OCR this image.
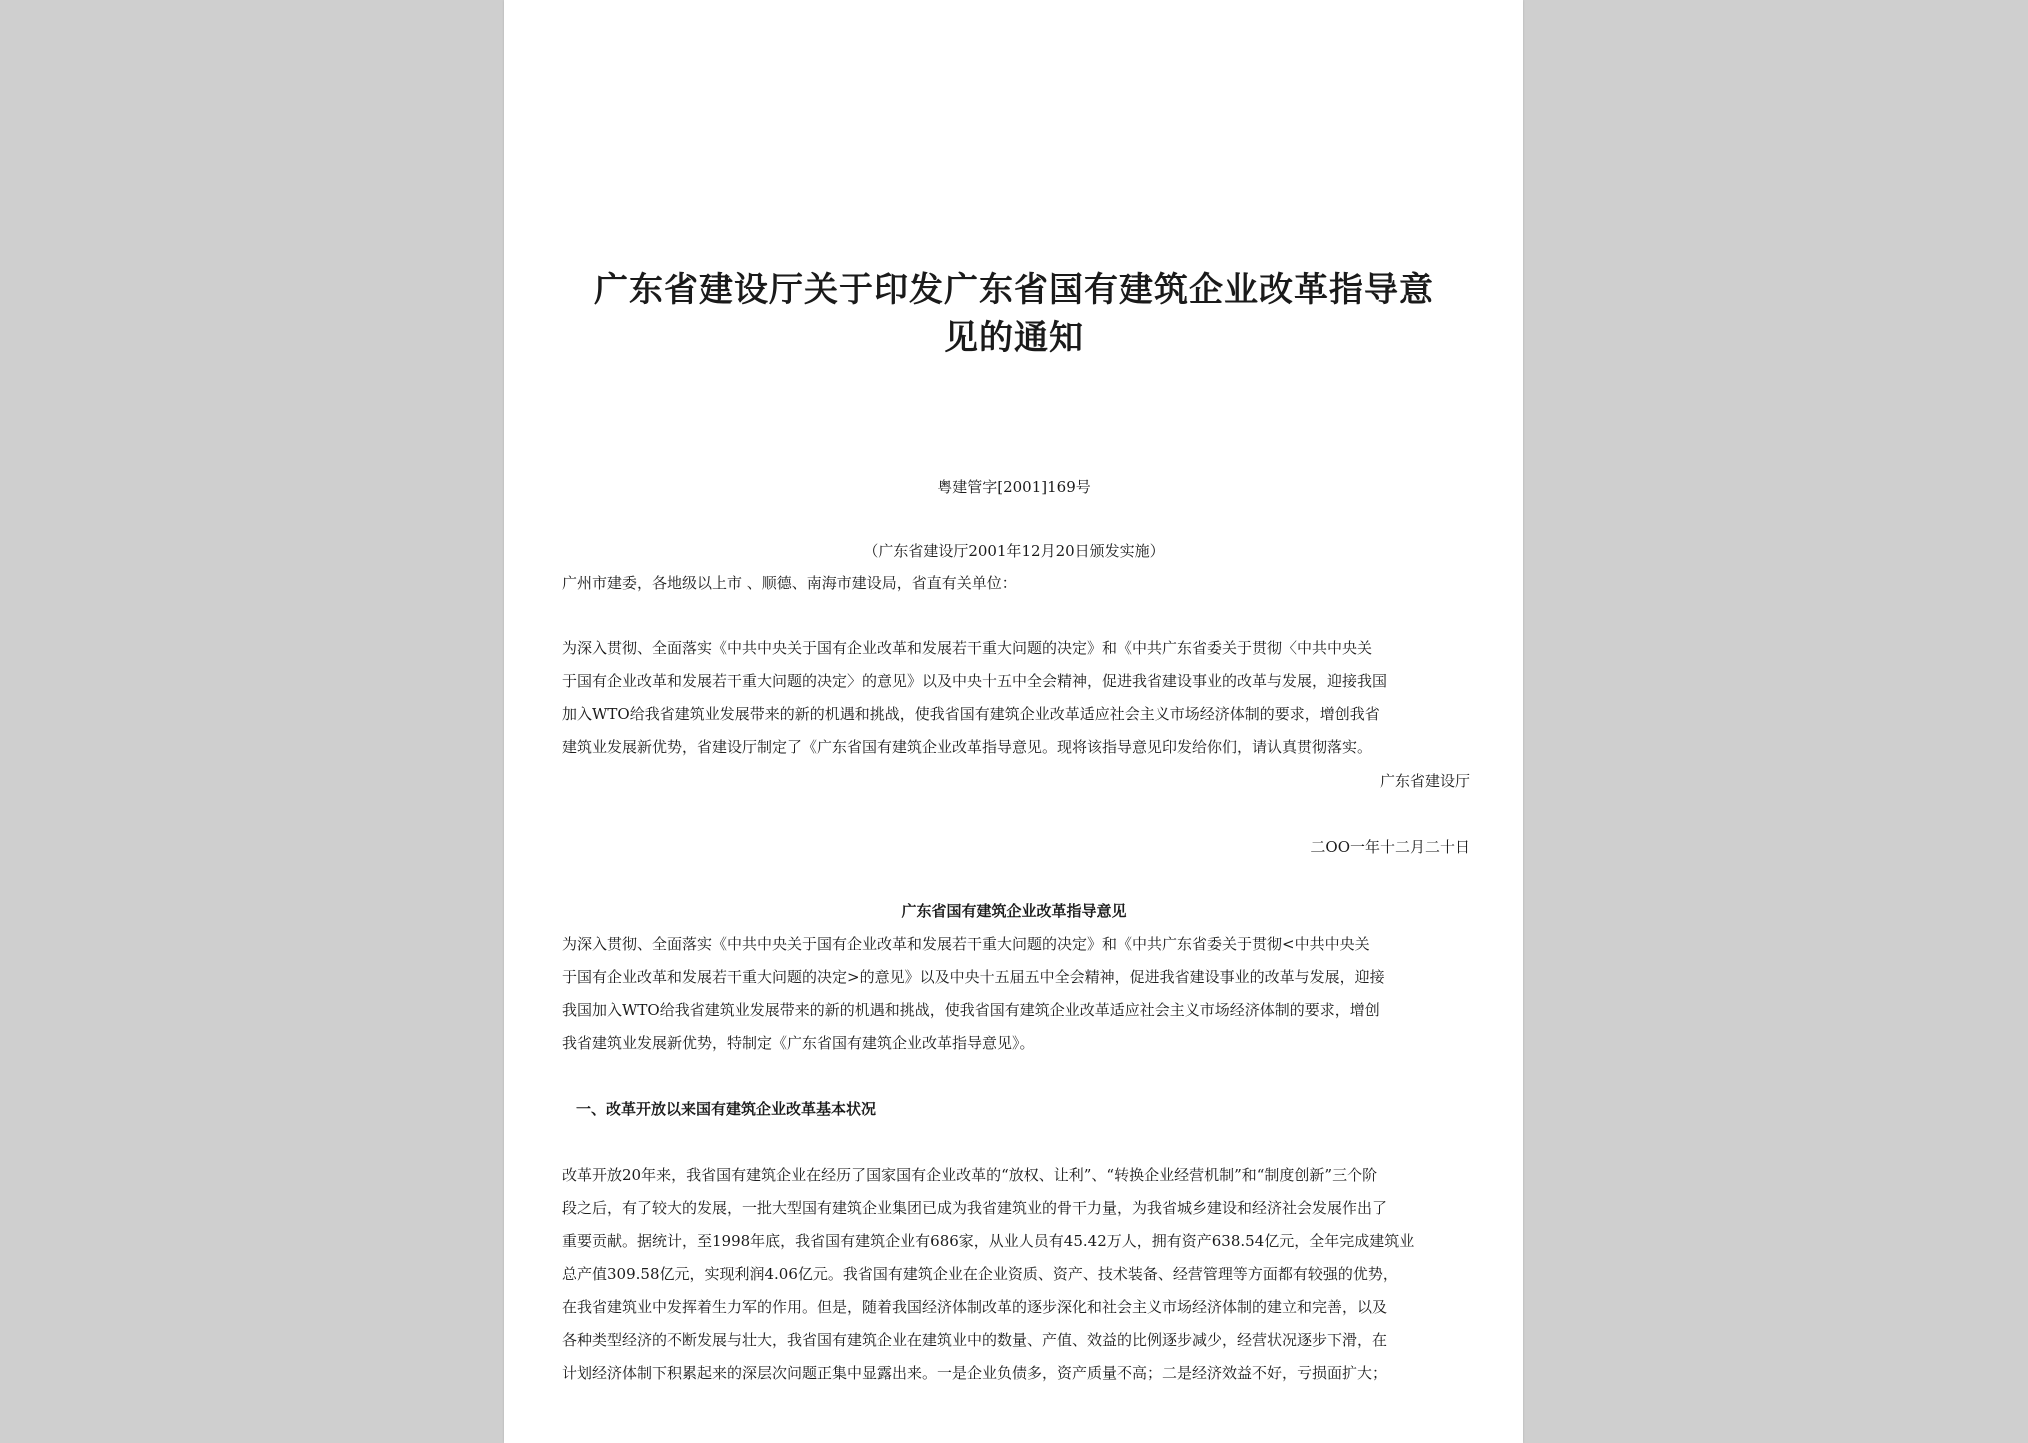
广东省建设厅关于印发广东省国有建筑企业改革指导意

见的通知

粤建管字[2001]169号

（广东省建设厅2001年12月20日颁发实施）

广州市建委，各地级以上市 、顺德、南海市建设局，省直有关单位：

为深入贯彻、全面落实《中共中央关于国有企业改革和发展若干重大问题的决定》和《中共广东省委关于贯彻〈中共中央关

于国有企业改革和发展若干重大问题的决定〉的意见》以及中央十五中全会精神，促进我省建设事业的改革与发展，迎接我国

加入WTO给我省建筑业发展带来的新的机遇和挑战，使我省国有建筑企业改革适应社会主义市场经济体制的要求，增创我省

建筑业发展新优势，省建设厅制定了《广东省国有建筑企业改革指导意见。现将该指导意见印发给你们，请认真贯彻落实。

广东省建设厅

二OO一年十二月二十日

广东省国有建筑企业改革指导意见

为深入贯彻、全面落实《中共中央关于国有企业改革和发展若干重大问题的决定》和《中共广东省委关于贯彻<中共中央关

于国有企业改革和发展若干重大问题的决定>的意见》以及中央十五届五中全会精神，促进我省建设事业的改革与发展，迎接

我国加入WTO给我省建筑业发展带来的新的机遇和挑战，使我省国有建筑企业改革适应社会主义市场经济体制的要求，增创

我省建筑业发展新优势，特制定《广东省国有建筑企业改革指导意见》。

一、改革开放以来国有建筑企业改革基本状况

改革开放20年来，我省国有建筑企业在经历了国家国有企业改革的“放权、让利”、“转换企业经营机制”和“制度创新”三个阶

段之后，有了较大的发展，一批大型国有建筑企业集团已成为我省建筑业的骨干力量，为我省城乡建设和经济社会发展作出了

重要贡献。据统计，至1998年底，我省国有建筑企业有686家，从业人员有45.42万人，拥有资产638.54亿元，全年完成建筑业

总产值309.58亿元，实现利润4.06亿元。我省国有建筑企业在企业资质、资产、技术装备、经营管理等方面都有较强的优势，

在我省建筑业中发挥着生力军的作用。但是，随着我国经济体制改革的逐步深化和社会主义市场经济体制的建立和完善，以及

各种类型经济的不断发展与壮大，我省国有建筑企业在建筑业中的数量、产值、效益的比例逐步减少，经营状况逐步下滑，在

计划经济体制下积累起来的深层次问题正集中显露出来。一是企业负债多，资产质量不高；二是经济效益不好，亏损面扩大；
